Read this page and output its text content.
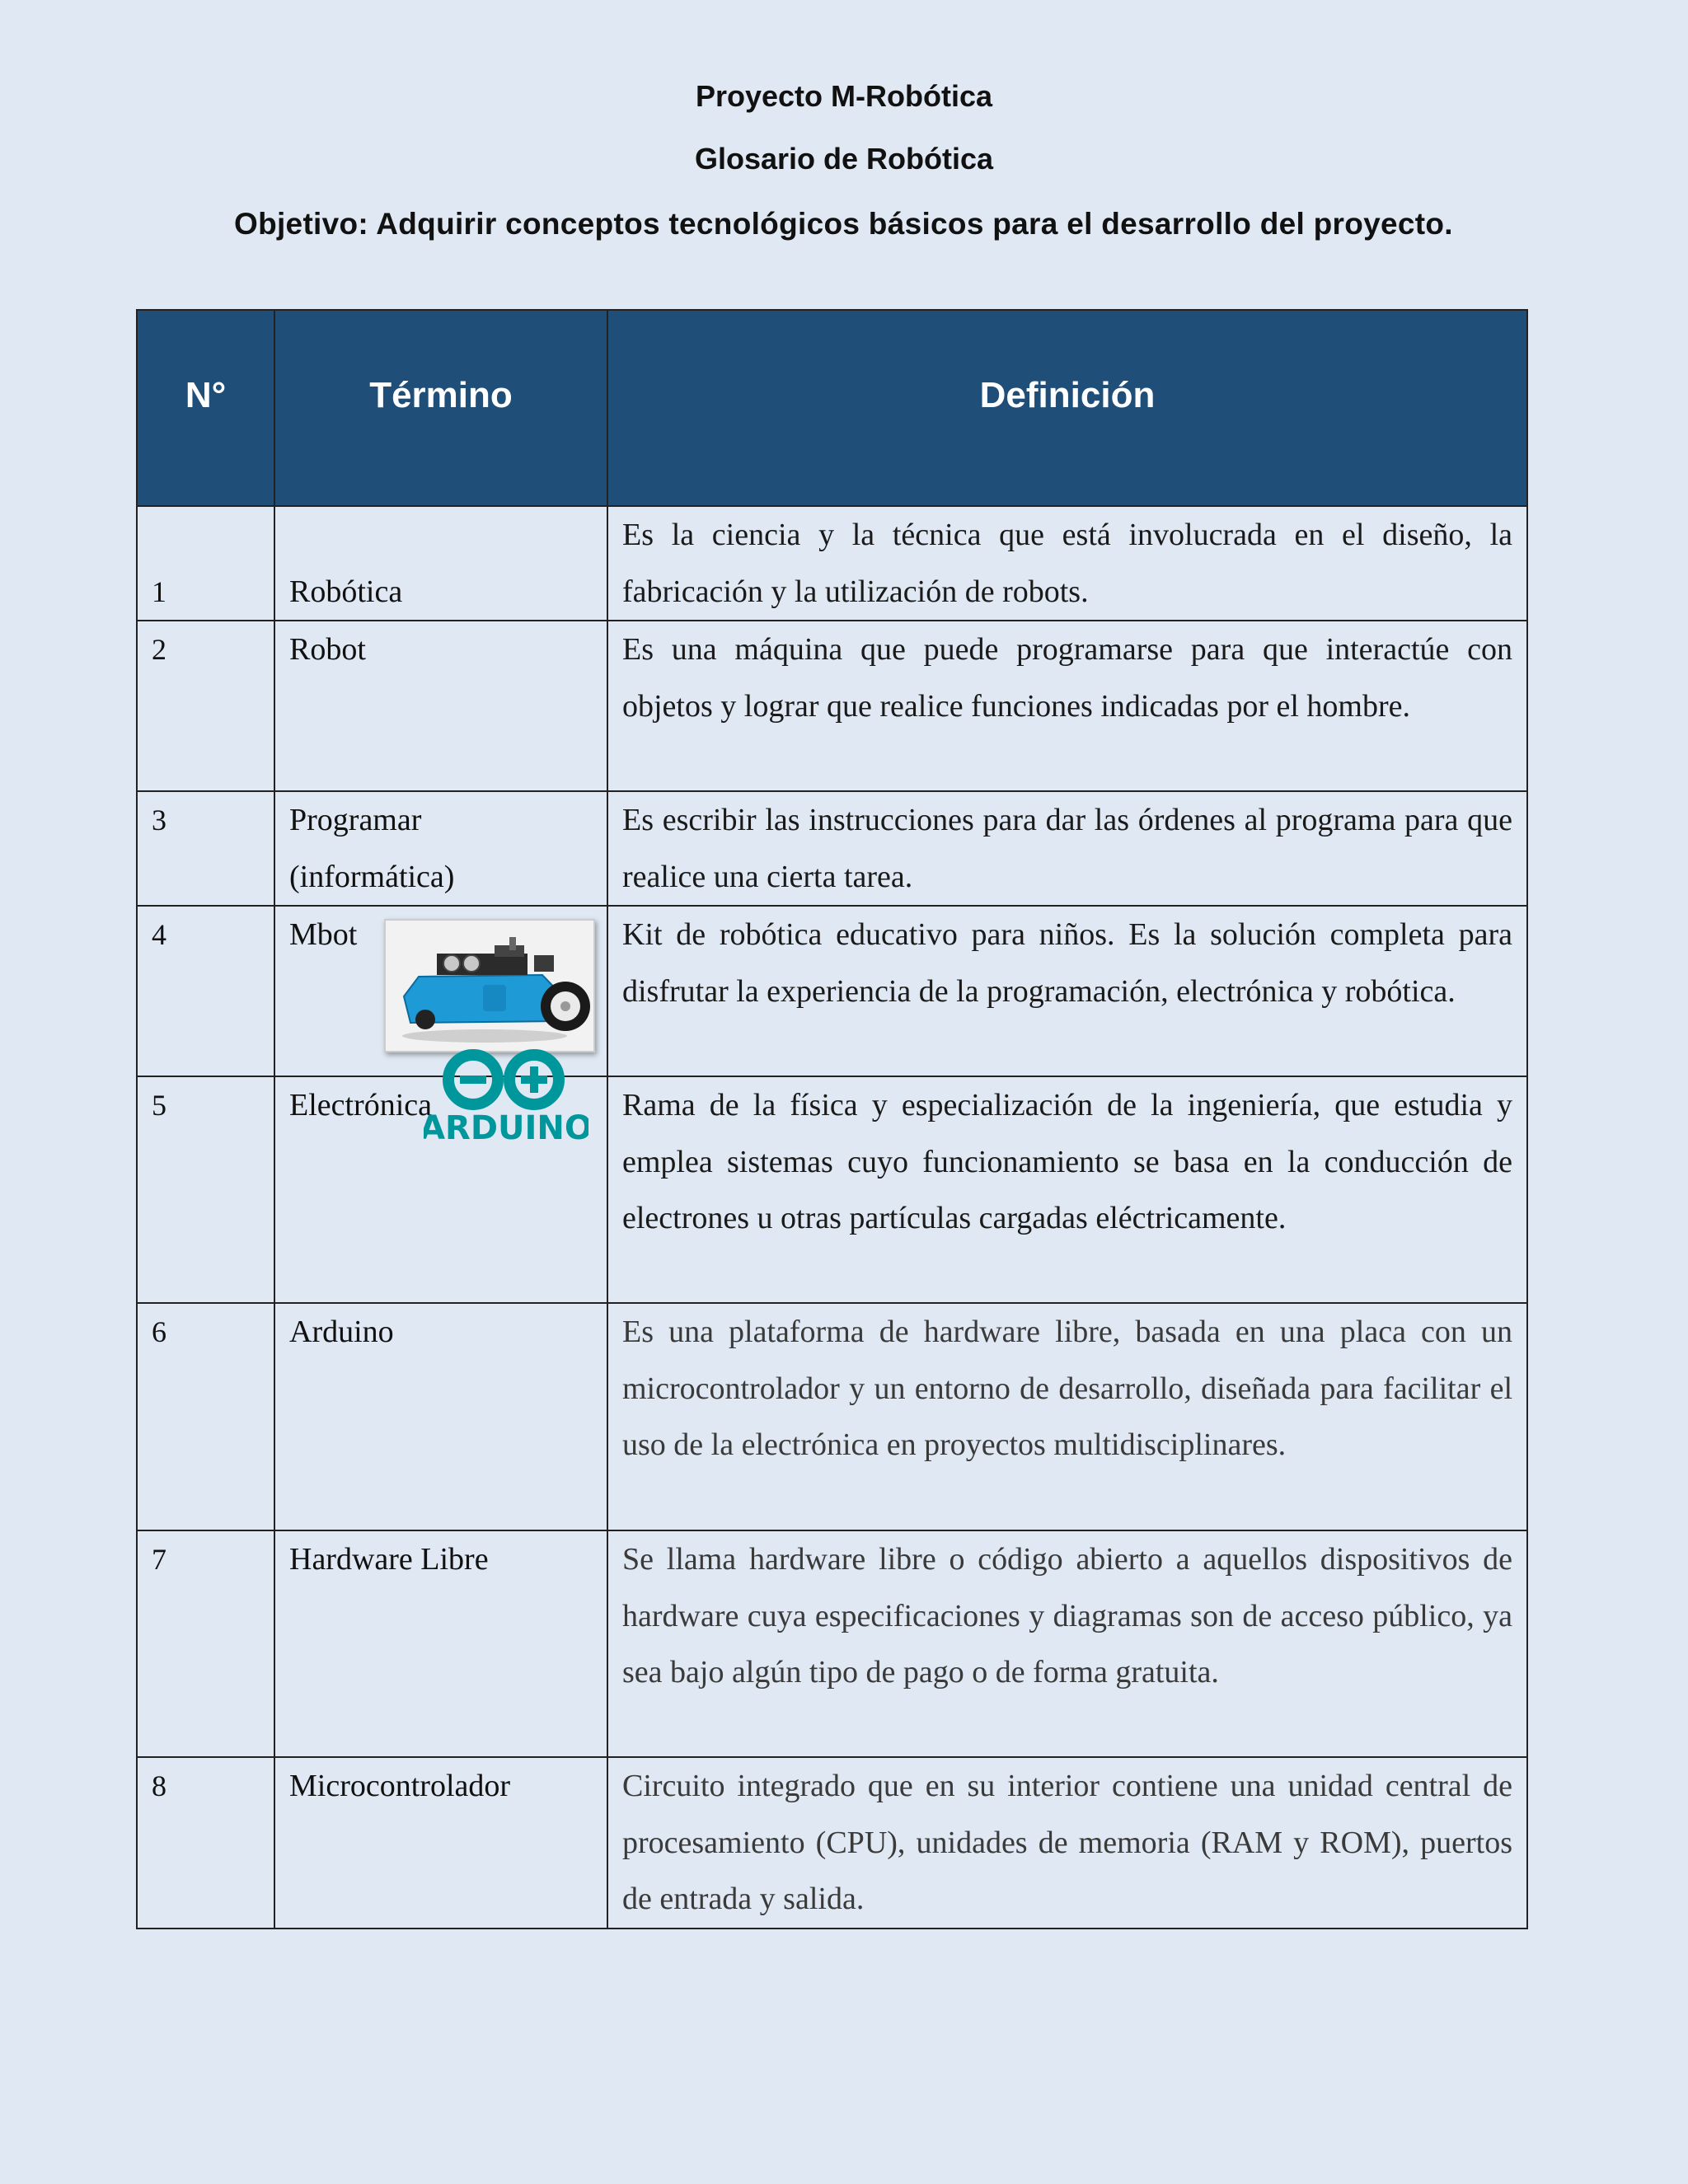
Proyecto M-Robótica
Glosario de Robótica
Objetivo: Adquirir conceptos tecnológicos básicos para el desarrollo del proyecto.
N°	Término	Definición
1	Robótica	Es la ciencia y la técnica que está involucrada en el diseño, la fabricación y la utilización de robots.
2	Robot	Es una máquina que puede programarse para que interactúe con objetos y lograr que realice funciones indicadas por el hombre.
3	Programar (informática)	Es escribir las instrucciones para dar las órdenes al programa para que realice una cierta tarea.
4	Mbot	Kit de robótica educativo para niños. Es la solución completa para disfrutar la experiencia de la programación, electrónica y robótica.
5	Electrónica	Rama de la física y especialización de la ingeniería, que estudia y emplea sistemas cuyo funcionamiento se basa en la conducción de electrones u otras partículas cargadas eléctricamente.
6	Arduino	Es una plataforma de hardware libre, basada en una placa con un microcontrolador y un entorno de desarrollo, diseñada para facilitar el uso de la electrónica en proyectos multidisciplinares.
7	Hardware Libre	Se llama hardware libre o código abierto a aquellos dispositivos de hardware cuya especificaciones y diagramas son de acceso público, ya sea bajo algún tipo de pago o de forma gratuita.
8	Microcontrolador	Circuito integrado que en su interior contiene una unidad central de procesamiento (CPU), unidades de memoria (RAM y ROM), puertos de entrada y salida.
ARDUINO
